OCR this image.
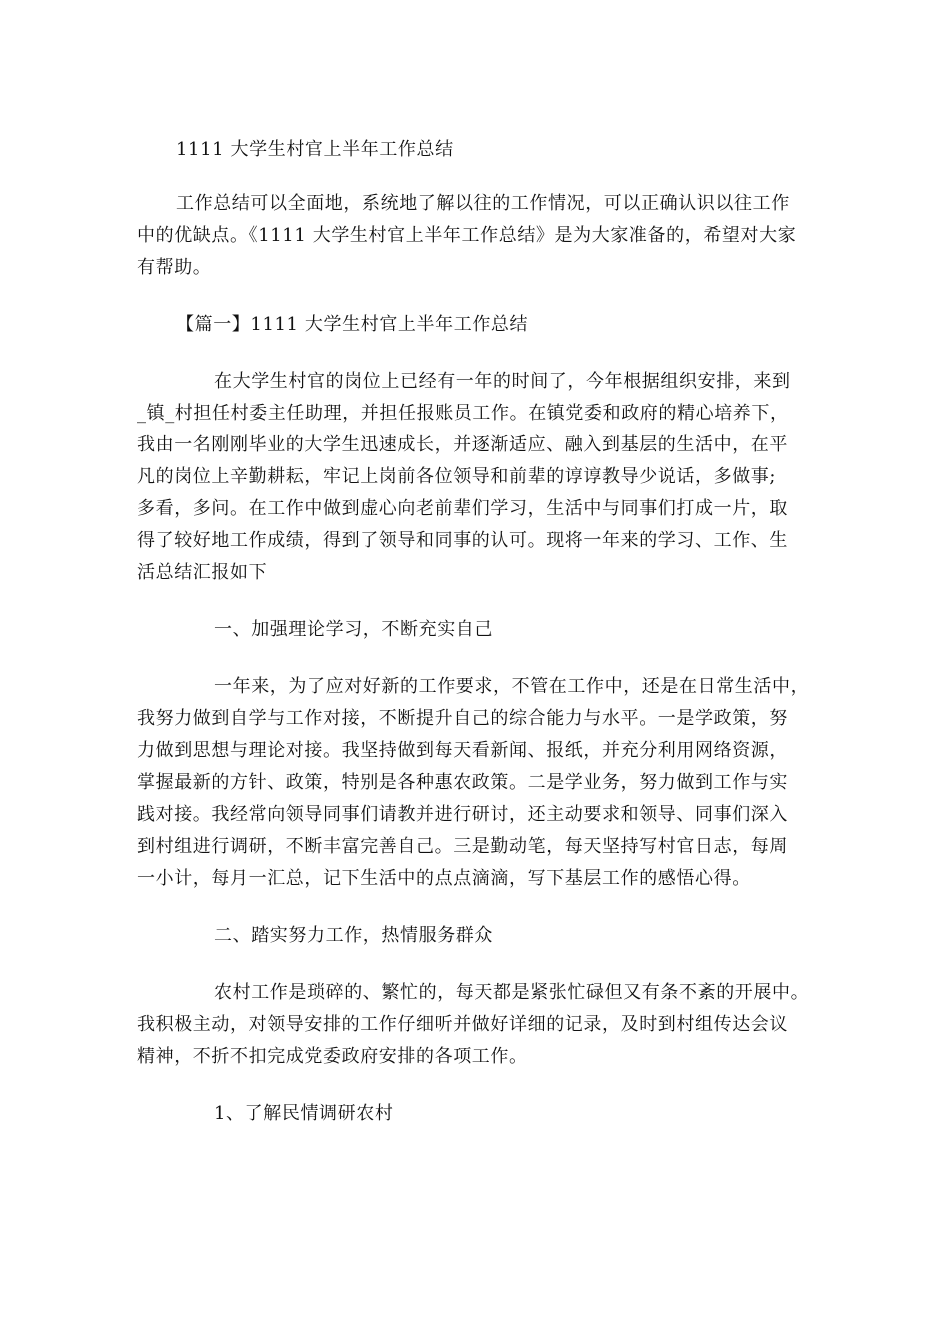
1111 大学生村官上半年工作总结
工作总结可以全面地，系统地了解以往的工作情况，可以正确认识以往工作
中的优缺点。《1111 大学生村官上半年工作总结》是为大家准备的，希望对大家
有帮助。
【篇一】1111 大学生村官上半年工作总结
在大学生村官的岗位上已经有一年的时间了，今年根据组织安排，来到
_镇_村担任村委主任助理，并担任报账员工作。在镇党委和政府的精心培养下，
我由一名刚刚毕业的大学生迅速成长，并逐渐适应、融入到基层的生活中，在平
凡的岗位上辛勤耕耘，牢记上岗前各位领导和前辈的谆谆教导少说话，多做事;
多看，多问。在工作中做到虚心向老前辈们学习，生活中与同事们打成一片，取
得了较好地工作成绩，得到了领导和同事的认可。现将一年来的学习、工作、生
活总结汇报如下
一、加强理论学习，不断充实自己
一年来，为了应对好新的工作要求，不管在工作中，还是在日常生活中，
我努力做到自学与工作对接，不断提升自己的综合能力与水平。一是学政策，努
力做到思想与理论对接。我坚持做到每天看新闻、报纸，并充分利用网络资源，
掌握最新的方针、政策，特别是各种惠农政策。二是学业务，努力做到工作与实
践对接。我经常向领导同事们请教并进行研讨，还主动要求和领导、同事们深入
到村组进行调研，不断丰富完善自己。三是勤动笔，每天坚持写村官日志，每周
一小计，每月一汇总，记下生活中的点点滴滴，写下基层工作的感悟心得。
二、踏实努力工作，热情服务群众
农村工作是琐碎的、繁忙的，每天都是紧张忙碌但又有条不紊的开展中。
我积极主动，对领导安排的工作仔细听并做好详细的记录，及时到村组传达会议
精神，不折不扣完成党委政府安排的各项工作。
1、了解民情调研农村
